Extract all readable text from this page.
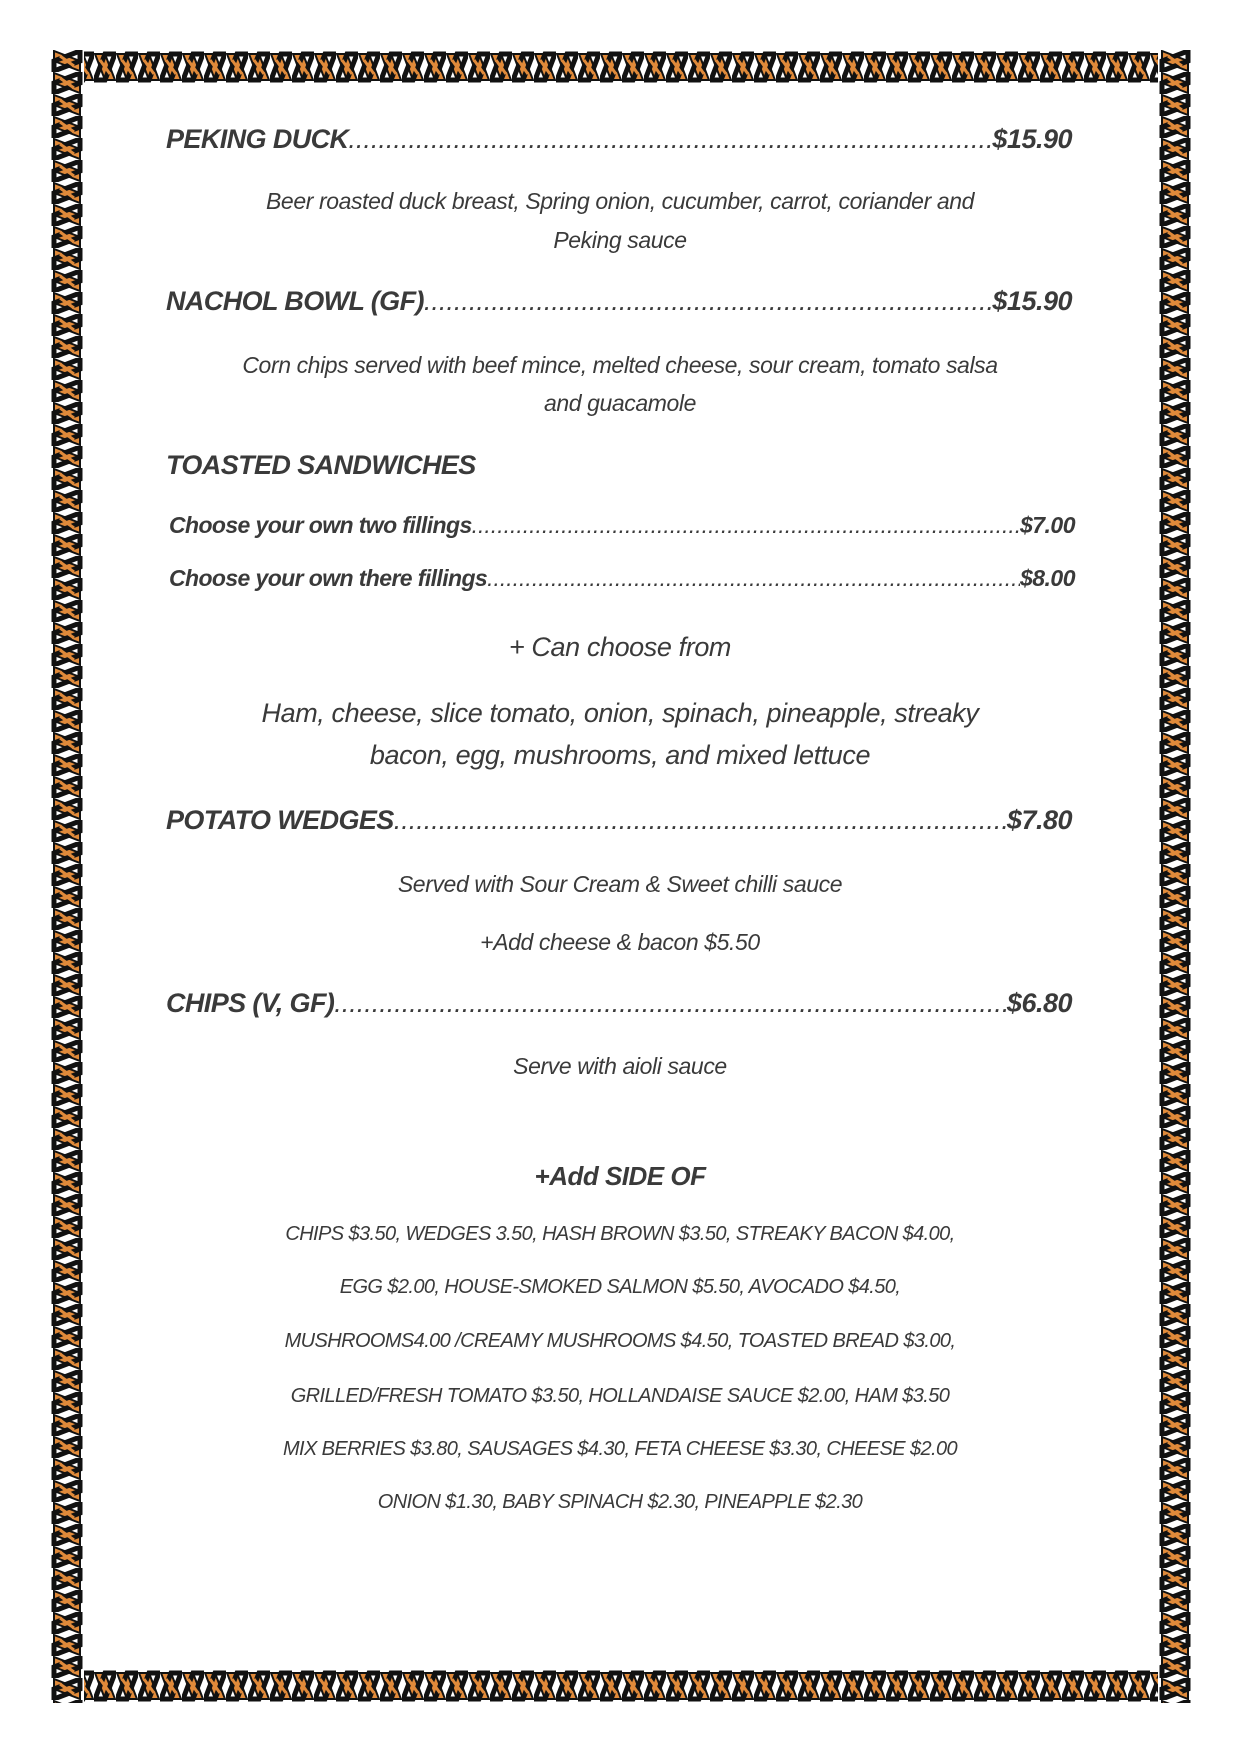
PEKING DUCK .....	$15.90
Beer roasted duck breast, Spring onion, cucumber, carrot, coriander and
Peking sauce
NACHOL BOWL (GF) .....	$15.90
Corn chips served with beef mince, melted cheese, sour cream, tomato salsa
and guacamole
TOASTED SANDWICHES
Choose your own two fillings .....	$7.00
Choose your own there fillings .....	$8.00
+ Can choose from
Ham, cheese, slice tomato, onion, spinach, pineapple, streaky
bacon, egg, mushrooms, and mixed lettuce
POTATO WEDGES .....	$7.80
Served with Sour Cream & Sweet chilli sauce
+Add cheese & bacon $5.50
CHIPS (V, GF) .....	$6.80
Serve with aioli sauce
+Add SIDE OF
CHIPS $3.50, WEDGES 3.50, HASH BROWN $3.50, STREAKY BACON $4.00,
EGG $2.00, HOUSE-SMOKED SALMON $5.50, AVOCADO $4.50,
MUSHROOMS4.00 /CREAMY MUSHROOMS $4.50, TOASTED BREAD $3.00,
GRILLED/FRESH TOMATO $3.50, HOLLANDAISE SAUCE $2.00, HAM $3.50
MIX BERRIES $3.80, SAUSAGES $4.30, FETA CHEESE $3.30, CHEESE $2.00
ONION $1.30, BABY SPINACH $2.30, PINEAPPLE $2.30
